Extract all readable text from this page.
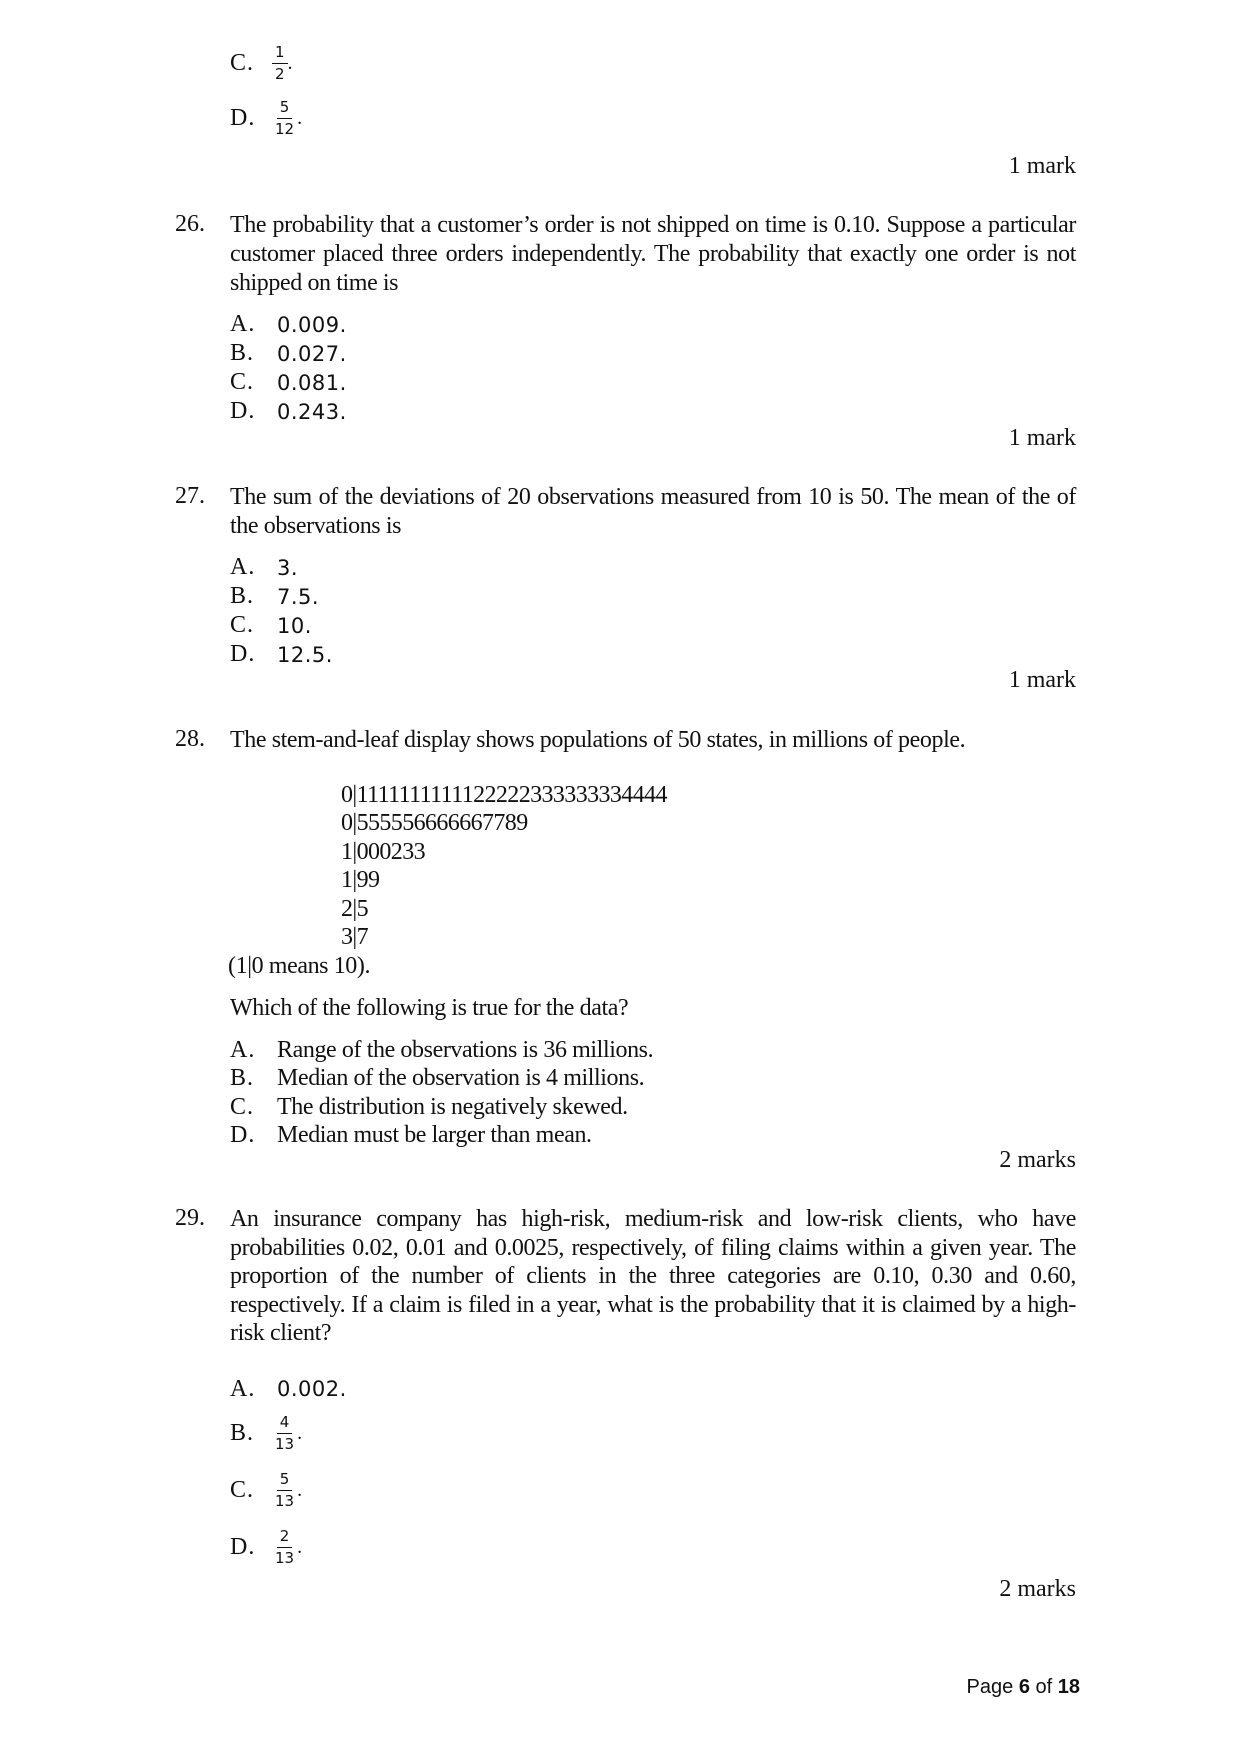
C.	$\frac{1}{2}$ .
D.	$\frac{5}{12}$ .
1 mark
26. The probability that a customer’s order is not shipped on time is 0.10. Suppose a particular customer placed three orders independently. The probability that exactly one order is not shipped on time is
A.	0.009.
B.	0.027.
C.	0.081.
D.	0.243.
1 mark
27. The sum of the deviations of 20 observations measured from 10 is 50. The mean of the of the observations is
A.	3.
B.	7.5.
C.	10.
D.	12.5.
1 mark
28. The stem-and-leaf display shows populations of 50 states, in millions of people.
0|1111111111122222333333334444
0|555556666667789
1|000233
1|99
2|5
3|7
(1|0 means 10).
Which of the following is true for the data?
A. Range of the observations is 36 millions.
B. Median of the observation is 4 millions.
C. The distribution is negatively skewed.
D. Median must be larger than mean.
2 marks
29. An insurance company has high-risk, medium-risk and low-risk clients, who have probabilities 0.02, 0.01 and 0.0025, respectively, of filing claims within a given year. The proportion of the number of clients in the three categories are 0.10, 0.30 and 0.60, respectively. If a claim is filed in a year, what is the probability that it is claimed by a high-risk client?
A.	0.002.
B.	$\frac{4}{13}$ .
C.	$\frac{5}{13}$ .
D.	$\frac{2}{13}$ .
2 marks
Page 6 of 18
